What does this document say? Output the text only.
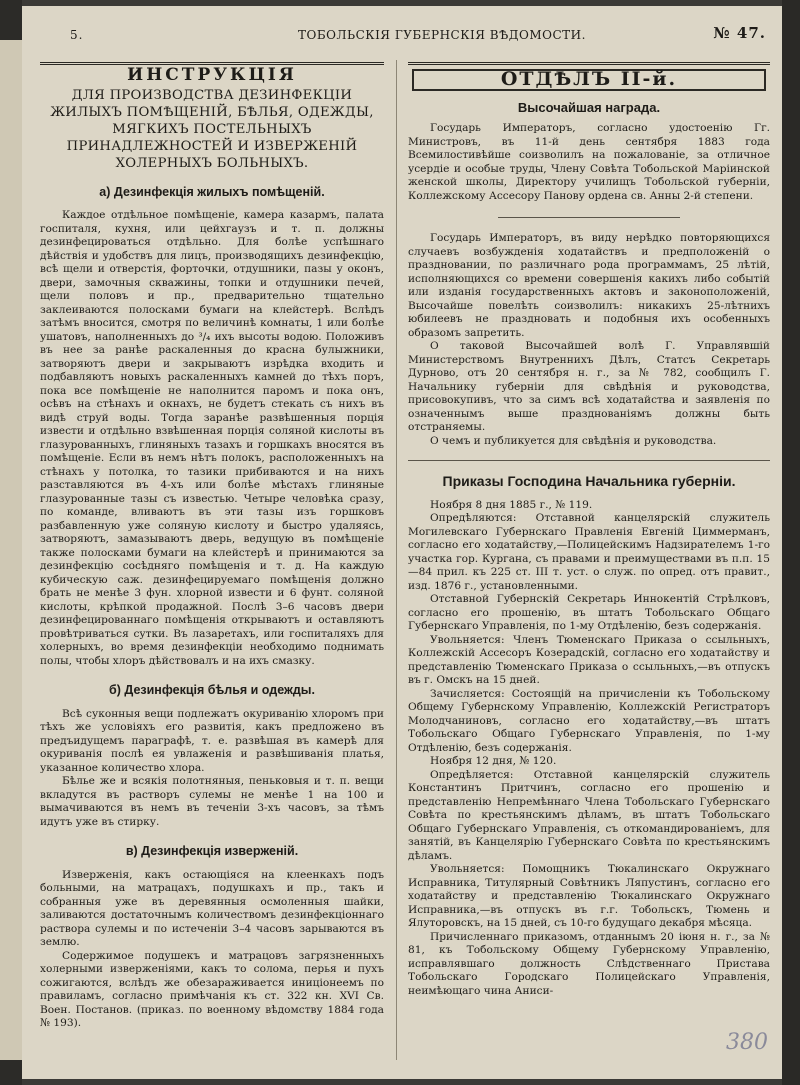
5.	ТОБОЛЬСКІЯ ГУБЕРНСКІЯ ВѢДОМОСТИ.	№ 47.
ИНСТРУКЦІЯ
ДЛЯ ПРОИЗВОДСТВА ДЕЗИНФЕКЦІИ ЖИЛЫХЪ ПОМѢЩЕНІЙ, БѢЛЬЯ, ОДЕЖДЫ, МЯГКИХЪ ПОСТЕЛЬНЫХЪ ПРИНАДЛЕЖНОСТЕЙ И ИЗВЕРЖЕНІЙ ХОЛЕРНЫХЪ БОЛЬНЫХЪ.
а) Дезинфекція жилыхъ помѣщеній.

Каждое отдѣльное помѣщеніе, камера казармъ, палата госпиталя, кухня, или цейхгаузъ и т. п. должны дезинфецироваться отдѣльно. Для болѣе успѣшнаго дѣйствія и удобствъ для лицъ, производящихъ дезинфекцію, всѣ щели и отверстія, форточки, отдушники, пазы у оконъ, двери, замочныя скважины, топки и отдушники печей, щели половъ и пр., предварительно тщательно заклеиваются полосками бумаги на клейстерѣ. Вслѣдъ затѣмъ вносится, смотря по величинѣ комнаты, 1 или болѣе ушатовъ, наполненныхъ до ³/₄ ихъ высоты водою. Положивъ въ нее за ранѣе раскаленныя до красна булыжники, затворяютъ двери и закрываютъ изрѣдка входить и подбавляютъ новыхъ раскаленныхъ камней до тѣхъ поръ, пока все помѣщеніе не наполнится паромъ и пока онъ, осѣвъ на стѣнахъ и окнахъ, не будетъ стекать съ нихъ въ видѣ струй воды. Тогда заранѣе развѣшенныя порція извести и отдѣльно взвѣшенная порція соляной кислоты въ глазурованныхъ, глиняныхъ тазахъ и горшкахъ вносятся въ помѣщеніе. Если въ немъ нѣтъ полокъ, расположенныхъ на стѣнахъ у потолка, то тазики прибиваются и на нихъ разставляются въ 4-хъ или болѣе мѣстахъ глиняные глазурованные тазы съ известью. Четыре человѣка сразу, по команде, вливаютъ въ эти тазы изъ горшковъ разбавленную уже соляную кислоту и быстро удаляясь, затворяютъ, замазываютъ дверь, ведущую въ помѣщеніе также полосками бумаги на клейстерѣ и принимаются за дезинфекцію сосѣдняго помѣщенія и т. д. На каждую кубическую саж. дезинфецируемаго помѣщенія должно брать не менѣе 3 фун. хлорной извести и 6 фунт. соляной кислоты, крѣпкой продажной. Послѣ 3–6 часовъ двери дезинфецированнаго помѣщенія открываютъ и оставляютъ провѣтриваться сутки. Въ лазаретахъ, или госпиталяхъ для холерныхъ, во время дезинфекціи необходимо поднимать полы, чтобы хлоръ дѣйствовалъ и на ихъ смазку.

б) Дезинфекція бѣлья и одежды.

Всѣ суконныя вещи подлежатъ окуриванію хлоромъ при тѣхъ же условіяхъ его развитія, какъ предложено въ предъидущемъ параграфѣ, т. е. развѣшая въ камерѣ для окуриванія послѣ ея увлаженія и развѣшиванія платья, указанное количество хлора.

Бѣлье же и всякія полотняныя, пеньковыя и т. п. вещи вкладутся въ растворъ сулемы не менѣе 1 на 100 и вымачиваются въ немъ въ теченіи 3-хъ часовъ, за тѣмъ идутъ уже въ стирку.

в) Дезинфекція изверженій.

Изверженія, какъ остающіяся на клеенкахъ подъ больными, на матрацахъ, подушкахъ и пр., такъ и собранныя уже въ деревянныя осмоленныя шайки, заливаются достаточнымъ количествомъ дезинфекціоннаго раствора сулемы и по истеченіи 3–4 часовъ зарываются въ землю.

Содержимое подушекъ и матрацовъ загрязненныхъ холерными изверженіями, какъ то солома, перья и пухъ сожигаются, вслѣдъ же обезараживается иниціонеемъ по правиламъ, согласно примѣчанія къ ст. 322 кн. XVI Св. Воен. Постанов. (приказ. по военному вѣдомству 1884 года № 193).

ОТДѢЛЪ II-й.
Высочайшая награда.

Государь Императоръ, согласно удостоенію Гг. Министровъ, въ 11-й день сентября 1883 года Всемилостивѣйше соизволилъ на пожалованіе, за отличное усердіе и особые труды, Члену Совѣта Тобольской Маріинской женской школы, Директору училищъ Тобольской губерніи, Коллежскому Ассесору Панову ордена св. Анны 2-й степени.

Государь Императоръ, въ виду нерѣдко повторяющихся случаевъ возбужденія ходатайствъ и предположеній о праздновании, по различнаго рода программамъ, 25 лѣтій, исполняющихся со времени совершенія какихъ либо событій или изданія государственныхъ актовъ и законоположеній, Высочайше повелѣть соизволилъ: никакихъ 25-лѣтнихъ юбилеевъ не праздновать и подобныя ихъ особенныхъ образомъ запретить.

О таковой Высочайшей волѣ Г. Управлявшій Министерствомъ Внутреннихъ Дѣлъ, Статсъ Секретарь Дурново, отъ 20 сентября н. г., за № 782, сообщилъ Г. Начальнику губерніи для свѣдѣнія и руководства, присовокупивъ, что за симъ всѣ ходатайства и заявленія по означеннымъ выше празднованіямъ должны быть отстраняемы.

О чемъ и публикуется для свѣдѣнія и руководства.

Приказы Господина Начальника губерніи.

Ноября 8 дня 1885 г., № 119.

Опредѣляются: Отставной канцелярскій служитель Могилевскаго Губернскаго Правленія Евгеній Циммерманъ, согласно его ходатайству,—Полицейскимъ Надзирателемъ 1-го участка гор. Кургана, съ правами и преимуществами въ п.п. 15—84 прил. къ 225 ст. III т. уст. о служ. по опред. отъ правит., изд. 1876 г., установленными.

Отставной Губернскій Секретарь Иннокентій Стрѣлковъ, согласно его прошенію, въ штатъ Тобольскаго Общаго Губернскаго Управленія, по 1-му Отдѣленію, безъ содержанія.

Увольняется: Членъ Тюменскаго Приказа о ссыльныхъ, Коллежскій Ассесоръ Козерадскій, согласно его ходатайству и представленію Тюменскаго Приказа о ссыльныхъ,—въ отпускъ въ г. Омскъ на 15 дней.

Зачисляется: Состоящій на причисленіи къ Тобольскому Общему Губернскому Управленію, Коллежскій Регистраторъ Молодчаниновъ, согласно его ходатайству,—въ штатъ Тобольскаго Общаго Губернскаго Управленія, по 1-му Отдѣленію, безъ содержанія.

Ноября 12 дня, № 120.

Опредѣляется: Отставной канцелярскій служитель Константинъ Притчинъ, согласно его прошенію и представленію Непремѣннаго Члена Тобольскаго Губернскаго Совѣта по крестьянскимъ дѣламъ, въ штатъ Тобольскаго Общаго Губернскаго Управленія, съ откомандированіемъ, для занятій, въ Канцелярію Губернскаго Совѣта по крестьянскимъ дѣламъ.

Увольняется: Помощникъ Тюкалинскаго Окружнаго Исправника, Титулярный Совѣтникъ Ляпустинъ, согласно его ходатайству и представленію Тюкалинскаго Окружнаго Исправника,—въ отпускъ въ г.г. Тобольскъ, Тюмень и Ялуторовскъ, на 15 дней, съ 10-го будущаго декабря мѣсяца.

Причисленнаго приказомъ, отданнымъ 20 іюня н. г., за № 81, къ Тобольскому Общему Губернскому Управленію, исправлявшаго должность Слѣдственнаго Пристава Тобольскаго Городскаго Полицейскаго Управленія, неимѣющаго чина Аниси-

380
